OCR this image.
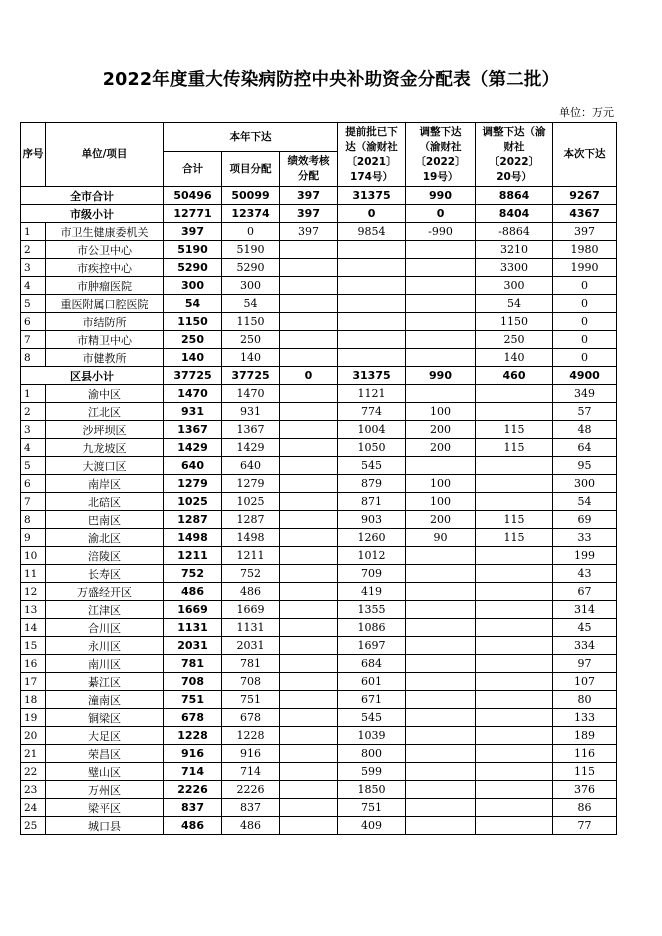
2022年度重大传染病防控中央补助资金分配表（第二批）
单位：万元
序号	单位/项目	本年下达			提前批已下达（渝财社〔2021〕174号）	调整下达（渝财社〔2022〕19号）	调整下达（渝财社〔2022〕20号）	本次下达
		合计	项目分配	绩效考核分配				
全市合计		50496	50099	397	31375	990	8864	9267
市级小计		12771	12374	397	0	0	8404	4367
1	市卫生健康委机关	397	0	397	9854	-990	-8864	397
2	市公卫中心	5190	5190				3210	1980
3	市疾控中心	5290	5290				3300	1990
4	市肿瘤医院	300	300				300	0
5	重医附属口腔医院	54	54				54	0
6	市结防所	1150	1150				1150	0
7	市精卫中心	250	250				250	0
8	市健教所	140	140				140	0
区县小计		37725	37725	0	31375	990	460	4900
1	渝中区	1470	1470		1121			349
2	江北区	931	931		774	100		57
3	沙坪坝区	1367	1367		1004	200	115	48
4	九龙坡区	1429	1429		1050	200	115	64
5	大渡口区	640	640		545			95
6	南岸区	1279	1279		879	100		300
7	北碚区	1025	1025		871	100		54
8	巴南区	1287	1287		903	200	115	69
9	渝北区	1498	1498		1260	90	115	33
10	涪陵区	1211	1211		1012			199
11	长寿区	752	752		709			43
12	万盛经开区	486	486		419			67
13	江津区	1669	1669		1355			314
14	合川区	1131	1131		1086			45
15	永川区	2031	2031		1697			334
16	南川区	781	781		684			97
17	綦江区	708	708		601			107
18	潼南区	751	751		671			80
19	铜梁区	678	678		545			133
20	大足区	1228	1228		1039			189
21	荣昌区	916	916		800			116
22	璧山区	714	714		599			115
23	万州区	2226	2226		1850			376
24	梁平区	837	837		751			86
25	城口县	486	486		409			77
